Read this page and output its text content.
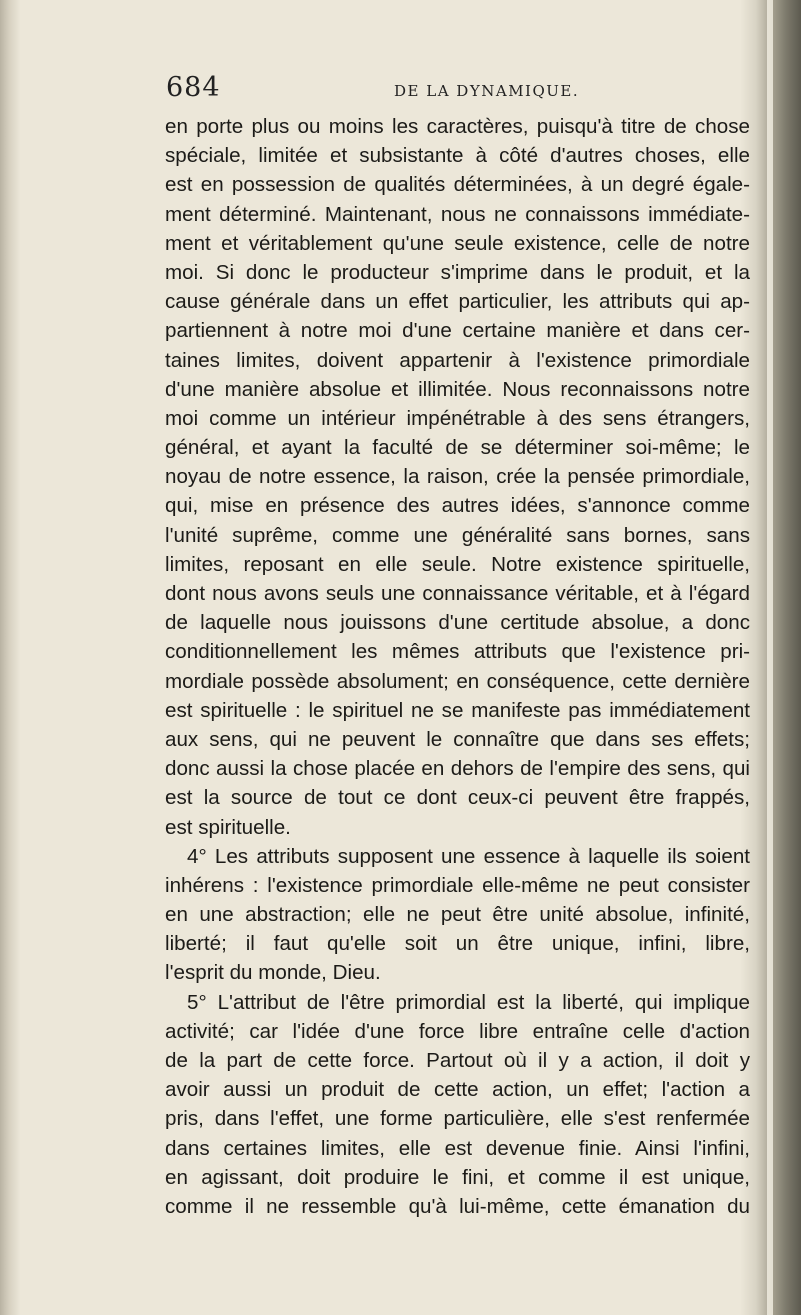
684	DE LA DYNAMIQUE.
en porte plus ou moins les caractères, puisqu'à titre de chose
spéciale, limitée et subsistante à côté d'autres choses, elle
est en possession de qualités déterminées, à un degré égale-
ment déterminé. Maintenant, nous ne connaissons immédiate-
ment et véritablement qu'une seule existence, celle de notre
moi. Si donc le producteur s'imprime dans le produit, et la
cause générale dans un effet particulier, les attributs qui ap-
partiennent à notre moi d'une certaine manière et dans cer-
taines limites, doivent appartenir à l'existence primordiale
d'une manière absolue et illimitée. Nous reconnaissons notre
moi comme un intérieur impénétrable à des sens étrangers,
général, et ayant la faculté de se déterminer soi-même; le
noyau de notre essence, la raison, crée la pensée primordiale,
qui, mise en présence des autres idées, s'annonce comme
l'unité suprême, comme une généralité sans bornes, sans
limites, reposant en elle seule. Notre existence spirituelle,
dont nous avons seuls une connaissance véritable, et à l'égard
de laquelle nous jouissons d'une certitude absolue, a donc
conditionnellement les mêmes attributs que l'existence pri-
mordiale possède absolument; en conséquence, cette dernière
est spirituelle : le spirituel ne se manifeste pas immédiatement
aux sens, qui ne peuvent le connaître que dans ses effets;
donc aussi la chose placée en dehors de l'empire des sens, qui
est la source de tout ce dont ceux-ci peuvent être frappés,
est spirituelle.
4° Les attributs supposent une essence à laquelle ils soient
inhérens : l'existence primordiale elle-même ne peut consister
en une abstraction; elle ne peut être unité absolue, infinité,
liberté; il faut qu'elle soit un être unique, infini, libre,
l'esprit du monde, Dieu.
5° L'attribut de l'être primordial est la liberté, qui implique
activité; car l'idée d'une force libre entraîne celle d'action
de la part de cette force. Partout où il y a action, il doit y
avoir aussi un produit de cette action, un effet; l'action a
pris, dans l'effet, une forme particulière, elle s'est renfermée
dans certaines limites, elle est devenue finie. Ainsi l'infini,
en agissant, doit produire le fini, et comme il est unique,
comme il ne ressemble qu'à lui-même, cette émanation du
